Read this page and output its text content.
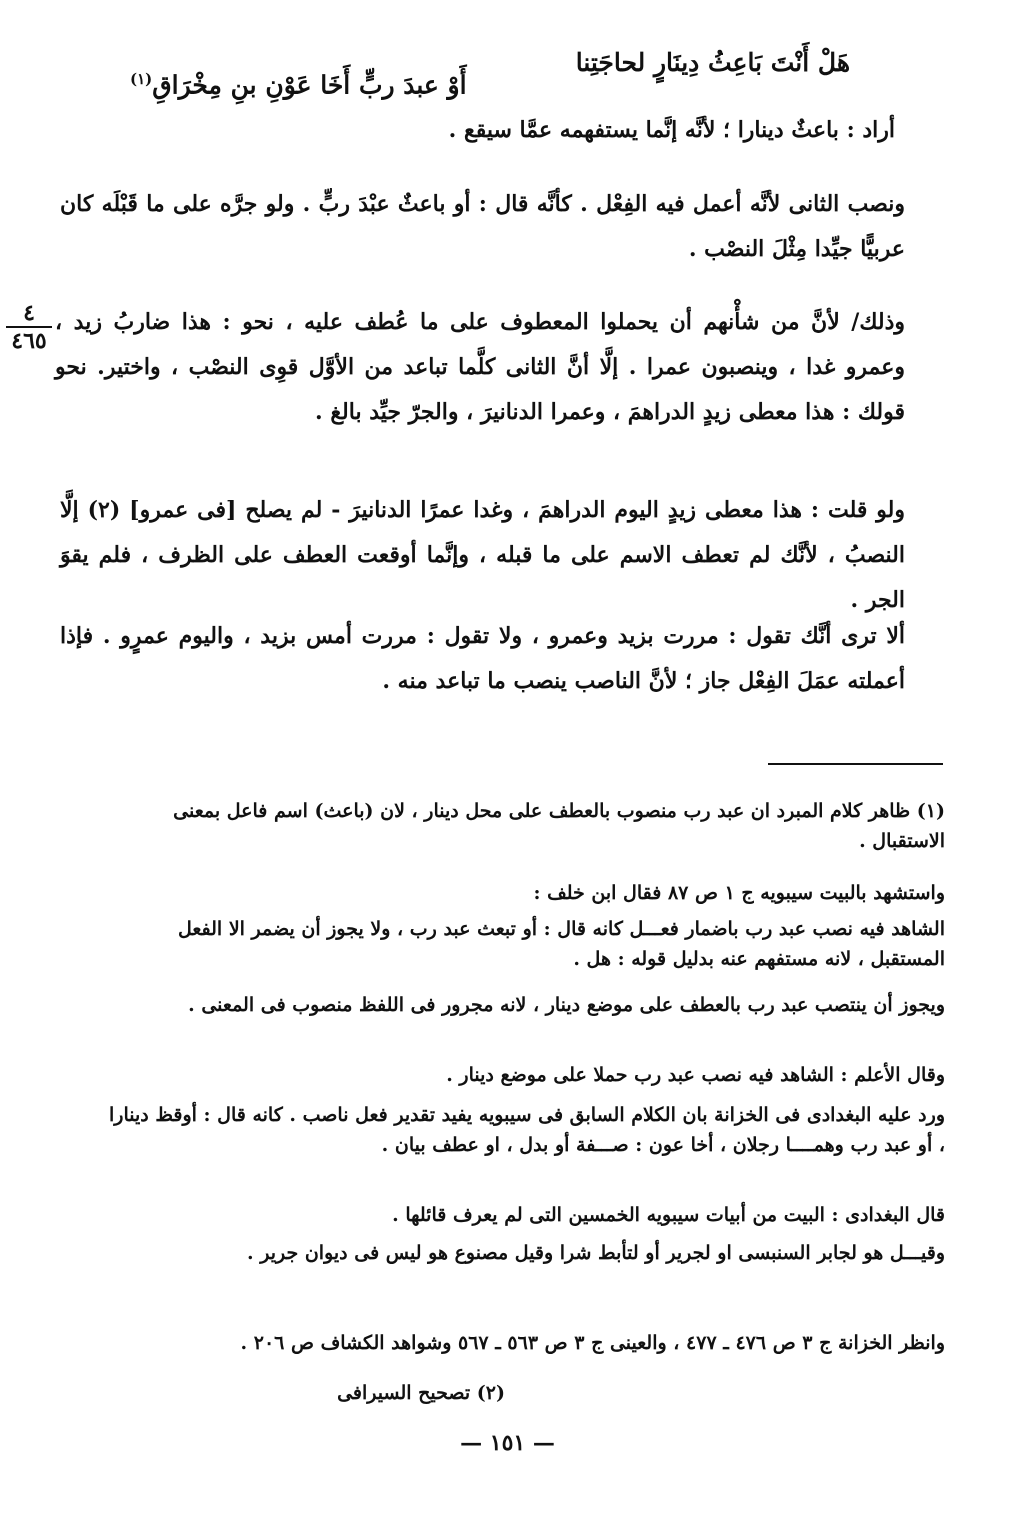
هَلْ أَنْتَ بَاعِثُ دِينَارٍ لحاجَتِنا
أَوْ عبدَ ربٍّ أَخَا عَوْنِ بنِ مِخْرَاقِ$^{(١)}$
أراد : باعثٌ دينارا ؛ لأنَّه إنَّما يستفهمه عمَّا سيقع .
ونصب الثانى لأنَّه أعمل فيه الفِعْل . كأنَّه قال : أو باعثٌ عبْدَ ربٍّ . ولو جرَّه على ما قَبْلَه كان عربيًّا جيِّدا مِثْلَ النصْب .
وذلك/ لأنَّ من شأْنهم أن يحملوا المعطوف على ما عُطف عليه ، نحو : هذا ضاربُ زيد ، وعمرو غدا ، وينصبون عمرا . إلَّا أنَّ الثانى كلَّما تباعد من الأوَّل قوِى النصْب ، واختير. نحو قولك : هذا معطى زيدٍ الدراهمَ ، وعمرا الدنانيرَ ، والجرّ جيِّد بالغ .
ولو قلت : هذا معطى زيدٍ اليوم الدراهمَ ، وغدا عمرًا الدنانيرَ - لم يصلح [فى عمرو] (٢) إلَّا النصبُ ، لأنَّك لم تعطف الاسم على ما قبله ، وإنَّما أوقعت العطف على الظرف ، فلم يقوَ الجر .
ألا ترى أنَّك تقول : مررت بزيد وعمرو ، ولا تقول : مررت أمس بزيد ، واليوم عمرٍو . فإذا أعملته عمَلَ الفِعْل جاز ؛ لأنَّ الناصب ينصب ما تباعد منه .
٤
٤٦٥
(١) ظاهر كلام المبرد ان عبد رب منصوب بالعطف على محل دينار ، لان (باعث) اسم فاعل بمعنى الاستقبال .
واستشهد بالبيت سيبويه ج ١ ص ٨٧ فقال ابن خلف :
الشاهد فيه نصب عبد رب باضمار فعـــل كانه قال : أو تبعث عبد رب ، ولا يجوز أن يضمر الا الفعل المستقبل ، لانه مستفهم عنه بدليل قوله : هل .
ويجوز أن ينتصب عبد رب بالعطف على موضع دينار ، لانه مجرور فى اللفظ منصوب فى المعنى .
وقال الأعلم : الشاهد فيه نصب عبد رب حملا على موضع دينار .
ورد عليه البغدادى فى الخزانة بان الكلام السابق فى سيبويه يفيد تقدير فعل ناصب . كانه قال : أوقظ دينارا ، أو عبد رب وهمــــا رجلان ، أخا عون : صـــفة أو بدل ، او عطف بيان .
قال البغدادى : البيت من أبيات سيبويه الخمسين التى لم يعرف قائلها .
وقيـــل هو لجابر السنبسى او لجرير أو لتأبط شرا وقيل مصنوع هو ليس فى ديوان جرير .
وانظر الخزانة ج ٣ ص ٤٧٦ ـ ٤٧٧ ، والعينى ج ٣ ص ٥٦٣ ـ ٥٦٧ وشواهد الكشاف ص ٢٠٦ .
(٢) تصحيح السيرافى
— ١٥١ —
